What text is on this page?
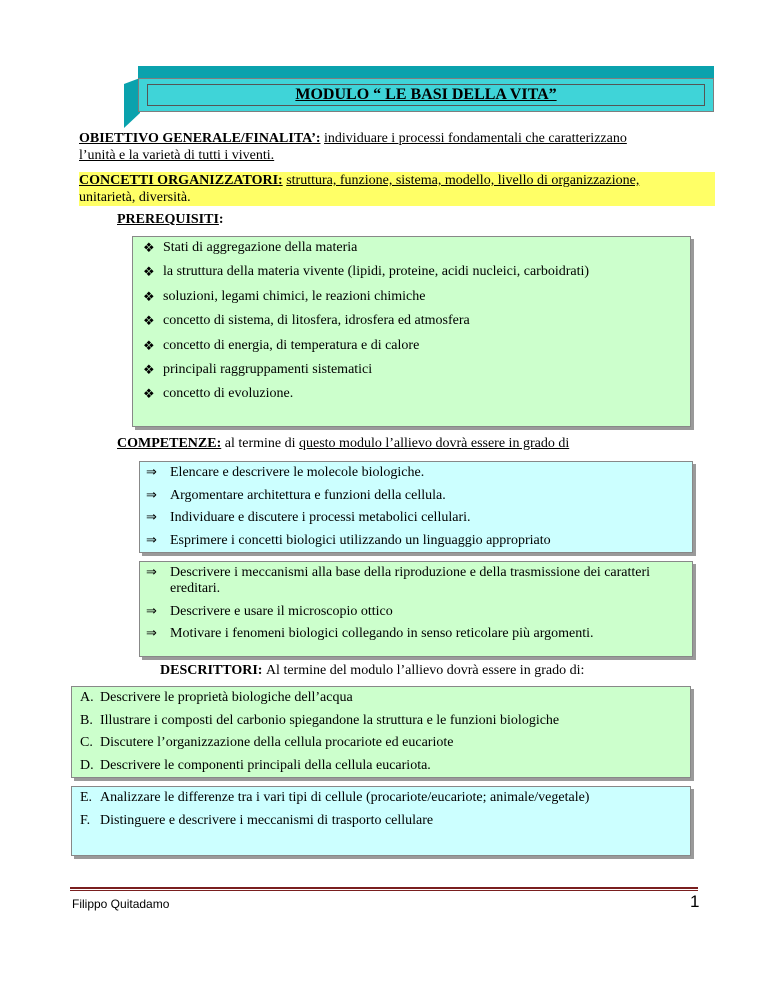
MODULO “ LE BASI DELLA VITA”
OBIETTIVO GENERALE/FINALITA’: individuare i processi fondamentali che caratterizzano
l’unità e la varietà di tutti i viventi.
CONCETTI ORGANIZZATORI: struttura, funzione, sistema, modello, livello di organizzazione,
unitarietà, diversità.
PREREQUISITI:
❖ Stati di aggregazione della materia
❖ la struttura della materia vivente (lipidi, proteine, acidi nucleici, carboidrati)
❖ soluzioni, legami chimici, le reazioni chimiche
❖ concetto di sistema, di litosfera, idrosfera ed atmosfera
❖ concetto di energia, di temperatura e di calore
❖ principali raggruppamenti sistematici
❖ concetto di evoluzione.
COMPETENZE: al termine di questo modulo l’allievo dovrà essere in grado di
⇒ Elencare e descrivere le molecole biologiche.
⇒ Argomentare architettura e funzioni della cellula.
⇒ Individuare e discutere i processi metabolici cellulari.
⇒ Esprimere i concetti biologici utilizzando un linguaggio appropriato
⇒ Descrivere i meccanismi alla base della riproduzione e della trasmissione dei caratteri ereditari.
⇒ Descrivere e usare il microscopio ottico
⇒ Motivare i fenomeni biologici collegando in senso reticolare più argomenti.
DESCRITTORI: Al termine del modulo l’allievo dovrà essere in grado di:
A. Descrivere le proprietà biologiche dell’acqua
B. Illustrare i composti del carbonio spiegandone la struttura e le funzioni biologiche
C. Discutere l’organizzazione della cellula procariote ed eucariote
D. Descrivere le componenti principali della cellula eucariota.
E. Analizzare le differenze tra i vari tipi di cellule (procariote/eucariote; animale/vegetale)
F. Distinguere e descrivere i meccanismi di trasporto cellulare
Filippo Quitadamo	1
